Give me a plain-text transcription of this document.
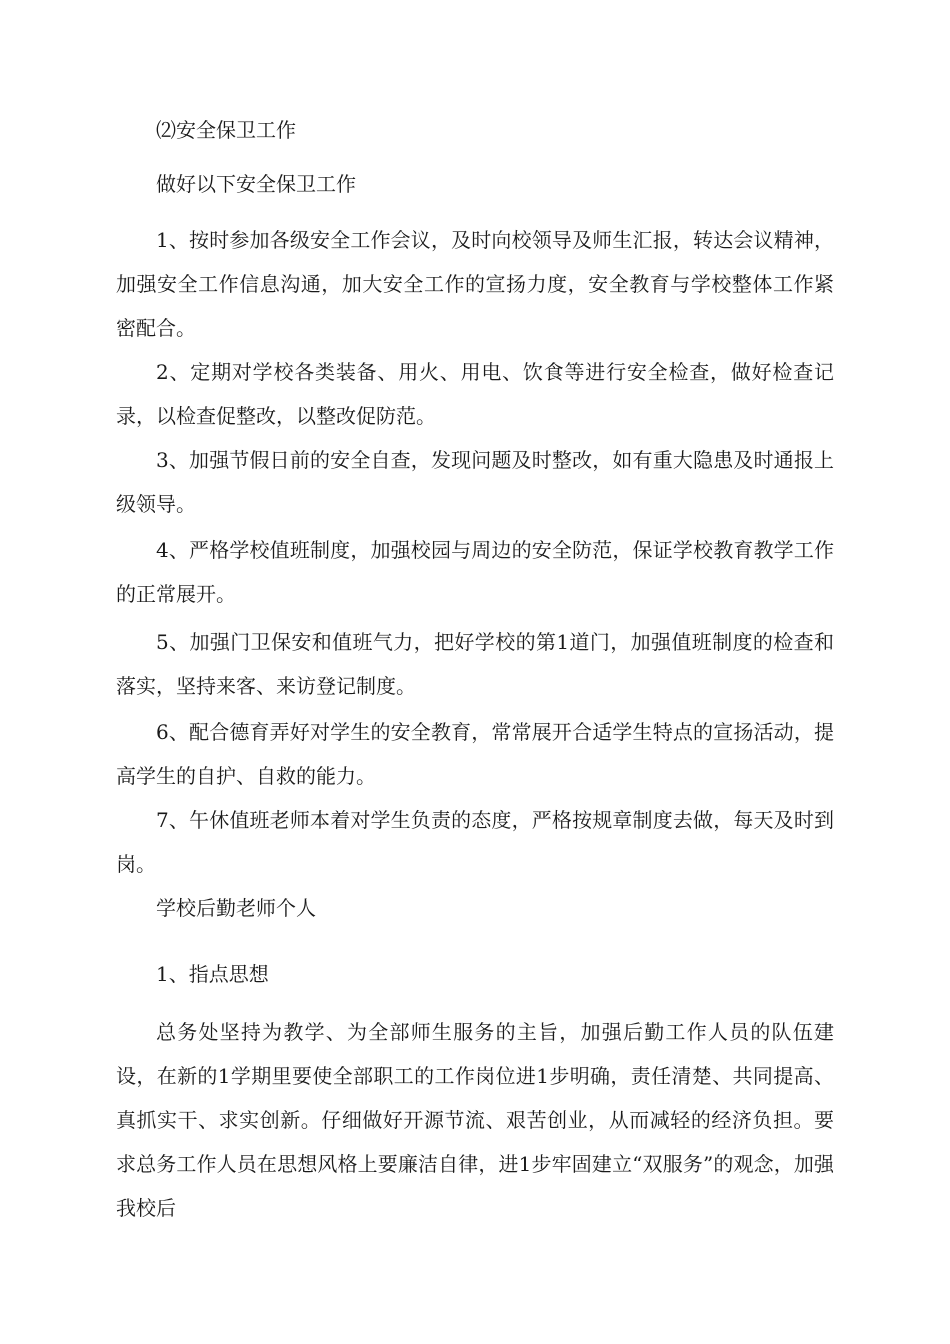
⑵安全保卫工作

做好以下安全保卫工作

1、按时参加各级安全工作会议，及时向校领导及师生汇报，转达会议精神，加强安全工作信息沟通，加大安全工作的宣扬力度，安全教育与学校整体工作紧密配合。

2、定期对学校各类装备、用火、用电、饮食等进行安全检查，做好检查记录，以检查促整改，以整改促防范。

3、加强节假日前的安全自查，发现问题及时整改，如有重大隐患及时通报上级领导。

4、严格学校值班制度，加强校园与周边的安全防范，保证学校教育教学工作的正常展开。

5、加强门卫保安和值班气力，把好学校的第1道门，加强值班制度的检查和落实，坚持来客、来访登记制度。

6、配合德育弄好对学生的安全教育，常常展开合适学生特点的宣扬活动，提高学生的自护、自救的能力。

7、午休值班老师本着对学生负责的态度，严格按规章制度去做，每天及时到岗。

学校后勤老师个人

1、指点思想

总务处坚持为教学、为全部师生服务的主旨，加强后勤工作人员的队伍建设，在新的1学期里要使全部职工的工作岗位进1步明确，责任清楚、共同提高、真抓实干、求实创新。仔细做好开源节流、艰苦创业，从而减轻的经济负担。要求总务工作人员在思想风格上要廉洁自律，进1步牢固建立“双服务”的观念，加强我校后
